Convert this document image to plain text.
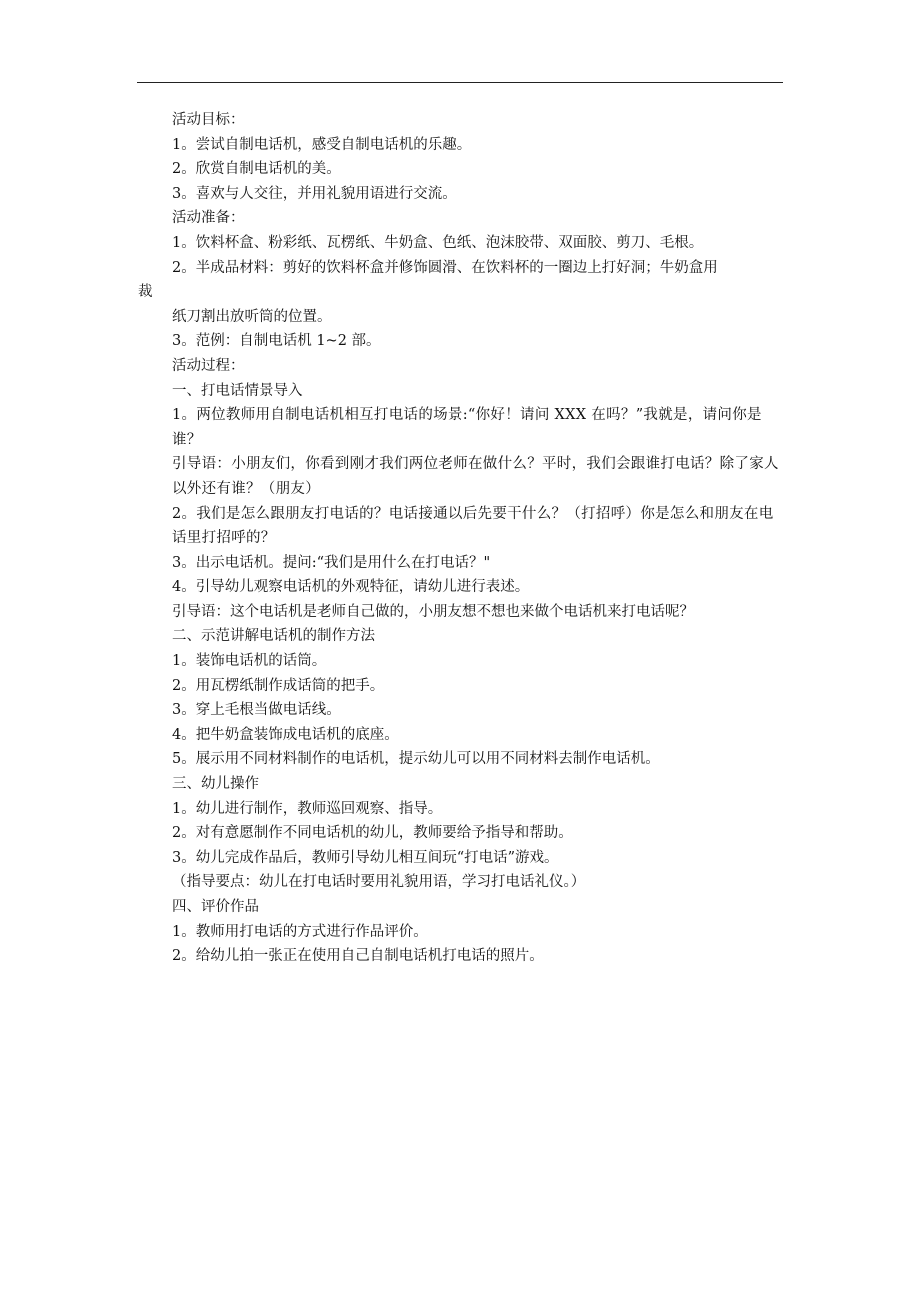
活动目标：

1。尝试自制电话机，感受自制电话机的乐趣。

2。欣赏自制电话机的美。

3。喜欢与人交往，并用礼貌用语进行交流。

活动准备：

1。饮料杯盒、粉彩纸、瓦楞纸、牛奶盒、色纸、泡沫胶带、双面胶、剪刀、毛根。

2。半成品材料：剪好的饮料杯盒并修饰圆滑、在饮料杯的一圈边上打好洞；牛奶盒用

裁

纸刀割出放听筒的位置。

3。范例：自制电话机 1~2 部。

活动过程：

一、打电话情景导入

1。两位教师用自制电话机相互打电话的场景:“你好！请问 XXX 在吗？”我就是，请问你是谁？

引导语：小朋友们，你看到刚才我们两位老师在做什么？平时，我们会跟谁打电话？除了家人以外还有谁？（朋友）

2。我们是怎么跟朋友打电话的？电话接通以后先要干什么？（打招呼）你是怎么和朋友在电话里打招呼的？

3。出示电话机。提问:“我们是用什么在打电话？"

4。引导幼儿观察电话机的外观特征，请幼儿进行表述。

引导语：这个电话机是老师自己做的，小朋友想不想也来做个电话机来打电话呢？

二、示范讲解电话机的制作方法

1。装饰电话机的话筒。

2。用瓦楞纸制作成话筒的把手。

3。穿上毛根当做电话线。

4。把牛奶盒装饰成电话机的底座。

5。展示用不同材料制作的电话机，提示幼儿可以用不同材料去制作电话机。

三、幼儿操作

1。幼儿进行制作，教师巡回观察、指导。

2。对有意愿制作不同电话机的幼儿，教师要给予指导和帮助。

3。幼儿完成作品后，教师引导幼儿相互间玩“打电话”游戏。

（指导要点：幼儿在打电话时要用礼貌用语，学习打电话礼仪。）

四、评价作品

1。教师用打电话的方式进行作品评价。

2。给幼儿拍一张正在使用自己自制电话机打电话的照片。
